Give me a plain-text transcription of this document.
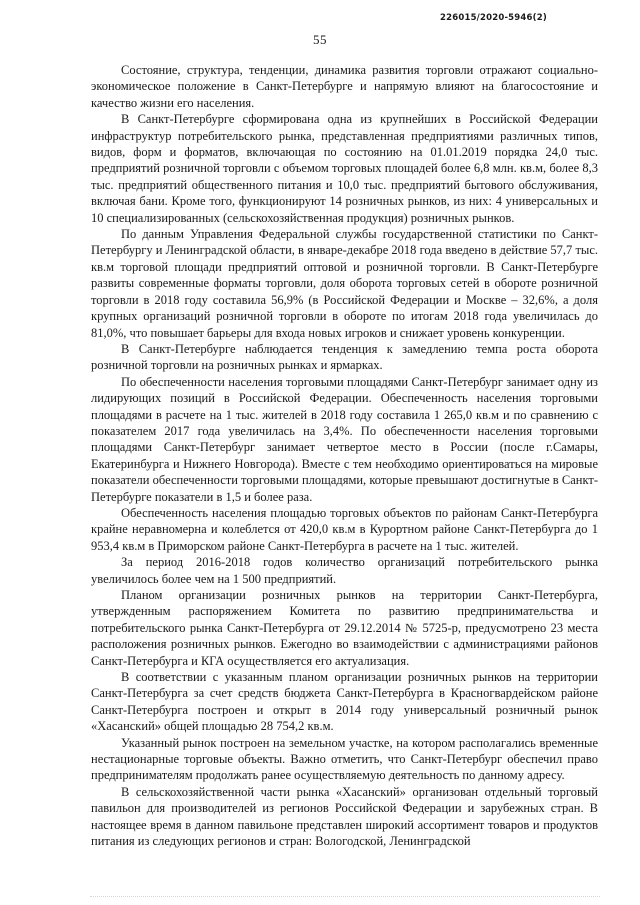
226015/2020-5946(2)
55

Состояние, структура, тенденции, динамика развития торговли отражают социально-экономическое положение в Санкт-Петербурге и напрямую влияют на благосостояние и качество жизни его населения.

В Санкт-Петербурге сформирована одна из крупнейших в Российской Федерации инфраструктур потребительского рынка, представленная предприятиями различных типов, видов, форм и форматов, включающая по состоянию на 01.01.2019 порядка 24,0 тыс. предприятий розничной торговли с объемом торговых площадей более 6,8 млн. кв.м, более 8,3 тыс. предприятий общественного питания и 10,0 тыс. предприятий бытового обслуживания, включая бани. Кроме того, функционируют 14 розничных рынков, из них: 4 универсальных и 10 специализированных (сельскохозяйственная продукция) розничных рынков.

По данным Управления Федеральной службы государственной статистики по Санкт-Петербургу и Ленинградской области, в январе-декабре 2018 года введено в действие 57,7 тыс. кв.м торговой площади предприятий оптовой и розничной торговли. В Санкт-Петербурге развиты современные форматы торговли, доля оборота торговых сетей в обороте розничной торговли в 2018 году составила 56,9% (в Российской Федерации и Москве – 32,6%, а доля крупных организаций розничной торговли в обороте по итогам 2018 года увеличилась до 81,0%, что повышает барьеры для входа новых игроков и снижает уровень конкуренции.

В Санкт-Петербурге наблюдается тенденция к замедлению темпа роста оборота розничной торговли на розничных рынках и ярмарках.

По обеспеченности населения торговыми площадями Санкт-Петербург занимает одну из лидирующих позиций в Российской Федерации. Обеспеченность населения торговыми площадями в расчете на 1 тыс. жителей в 2018 году составила 1 265,0 кв.м и по сравнению с показателем 2017 года увеличилась на 3,4%. По обеспеченности населения торговыми площадями Санкт-Петербург занимает четвертое место в России (после г.Самары, Екатеринбурга и Нижнего Новгорода). Вместе с тем необходимо ориентироваться на мировые показатели обеспеченности торговыми площадями, которые превышают достигнутые в Санкт-Петербурге показатели в 1,5 и более раза.

Обеспеченность населения площадью торговых объектов по районам Санкт-Петербурга крайне неравномерна и колеблется от 420,0 кв.м в Курортном районе Санкт-Петербурга до 1 953,4 кв.м в Приморском районе Санкт-Петербурга в расчете на 1 тыс. жителей.

За период 2016-2018 годов количество организаций потребительского рынка увеличилось более чем на 1 500 предприятий.

Планом организации розничных рынков на территории Санкт-Петербурга, утвержденным распоряжением Комитета по развитию предпринимательства и потребительского рынка Санкт-Петербурга от 29.12.2014 № 5725-р, предусмотрено 23 места расположения розничных рынков. Ежегодно во взаимодействии с администрациями районов Санкт-Петербурга и КГА осуществляется его актуализация.

В соответствии с указанным планом организации розничных рынков на территории Санкт-Петербурга за счет средств бюджета Санкт-Петербурга в Красногвардейском районе Санкт-Петербурга построен и открыт в 2014 году универсальный розничный рынок «Хасанский» общей площадью 28 754,2 кв.м.

Указанный рынок построен на земельном участке, на котором располагались временные нестационарные торговые объекты. Важно отметить, что Санкт-Петербург обеспечил право предпринимателям продолжать ранее осуществляемую деятельность по данному адресу.

В сельскохозяйственной части рынка «Хасанский» организован отдельный торговый павильон для производителей из регионов Российской Федерации и зарубежных стран. В настоящее время в данном павильоне представлен широкий ассортимент товаров и продуктов питания из следующих регионов и стран: Вологодской, Ленинградской
